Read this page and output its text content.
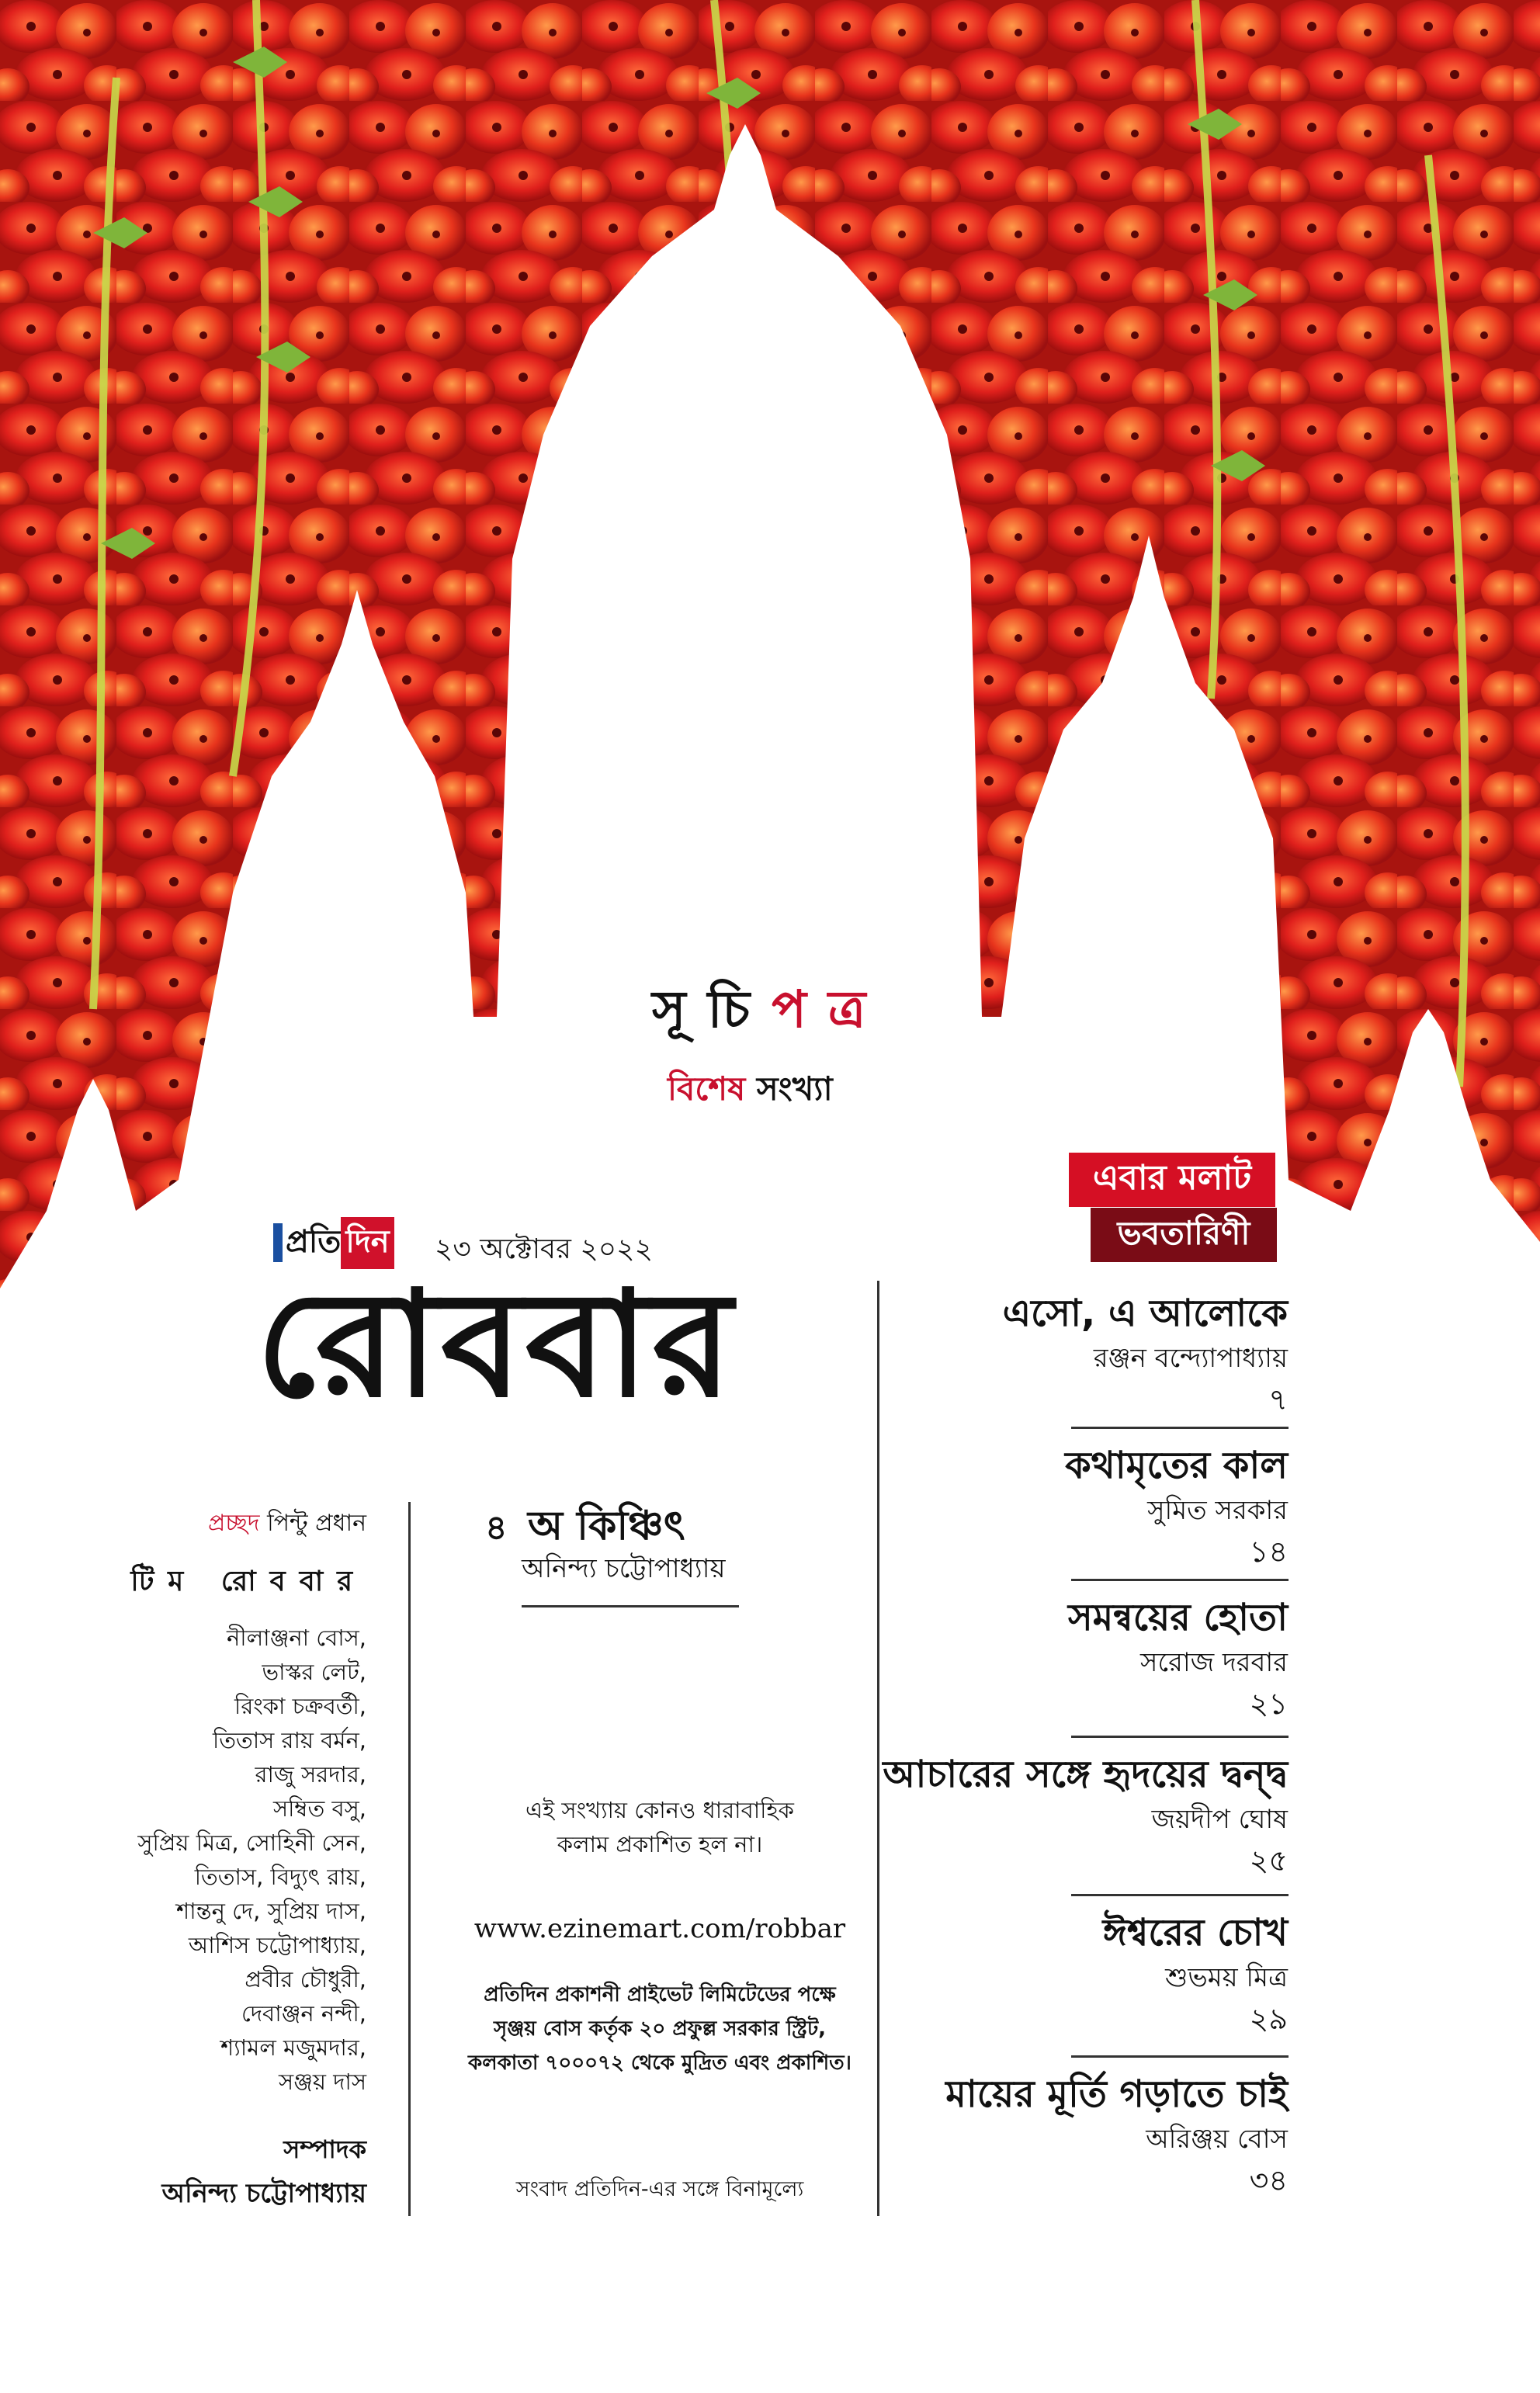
সূচিপত্র
বিশেষ সংখ্যা
প্রতি দিন ২৩ অক্টোবর ২০২২
রোববার
প্রচ্ছদ পিন্টু প্রধান
টিম রোববার
নীলাঞ্জনা বোস,
ভাস্কর লেট,
রিংকা চক্রবর্তী,
তিতাস রায় বর্মন,
রাজু সরদার,
সম্বিত বসু,
সুপ্রিয় মিত্র, সোহিনী সেন,
তিতাস, বিদ্যুৎ রায়,
শান্তনু দে, সুপ্রিয় দাস,
আশিস চট্টোপাধ্যায়,
প্রবীর চৌধুরী,
দেবাঞ্জন নন্দী,
শ্যামল মজুমদার,
সঞ্জয় দাস
সম্পাদক
অনিন্দ্য চট্টোপাধ্যায়
৪ অ কিঞ্চিৎ
অনিন্দ্য চট্টোপাধ্যায়
এই সংখ্যায় কোনও ধারাবাহিক
কলাম প্রকাশিত হল না।
www.ezinemart.com/robbar
প্রতিদিন প্রকাশনী প্রাইভেট লিমিটেডের পক্ষে
সৃঞ্জয় বোস কর্তৃক ২০ প্রফুল্ল সরকার স্ট্রিট,
কলকাতা ৭০০০৭২ থেকে মুদ্রিত এবং প্রকাশিত।
সংবাদ প্রতিদিন-এর সঙ্গে বিনামূল্যে
এবার মলাট
ভবতারিণী
এসো, এ আলোকে
রঞ্জন বন্দ্যোপাধ্যায়
৭
কথামৃতের কাল
সুমিত সরকার
১৪
সমন্বয়ের হোতা
সরোজ দরবার
২১
আচারের সঙ্গে হৃদয়ের দ্বন্দ্ব
জয়দীপ ঘোষ
২৫
ঈশ্বরের চোখ
শুভময় মিত্র
২৯
মায়ের মূর্তি গড়াতে চাই
অরিঞ্জয় বোস
৩৪
